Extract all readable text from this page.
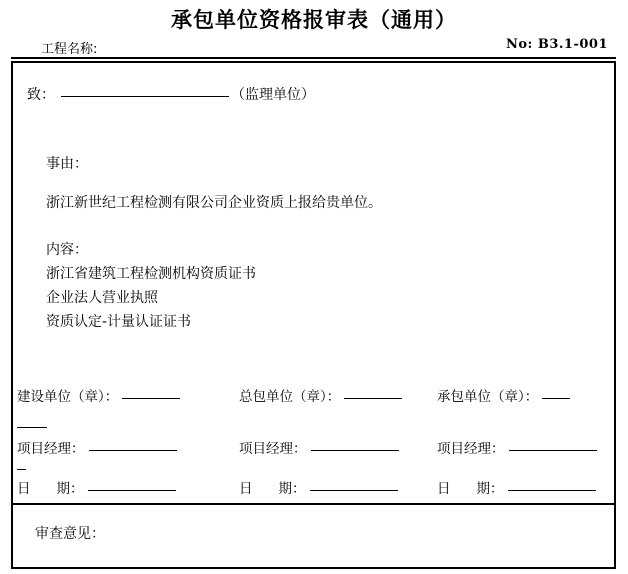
承包单位资格报审表（通用）
工程名称:	No: B3.1-001
致：	（监理单位）
事由：
浙江新世纪工程检测有限公司企业资质上报给贵单位。
内容：
浙江省建筑工程检测机构资质证书
企业法人营业执照
资质认定-计量认证证书
建设单位（章）：	总包单位（章）：	承包单位（章）：
项目经理：	项目经理：	项目经理：
日 期：	日 期：	日 期：
审查意见：
